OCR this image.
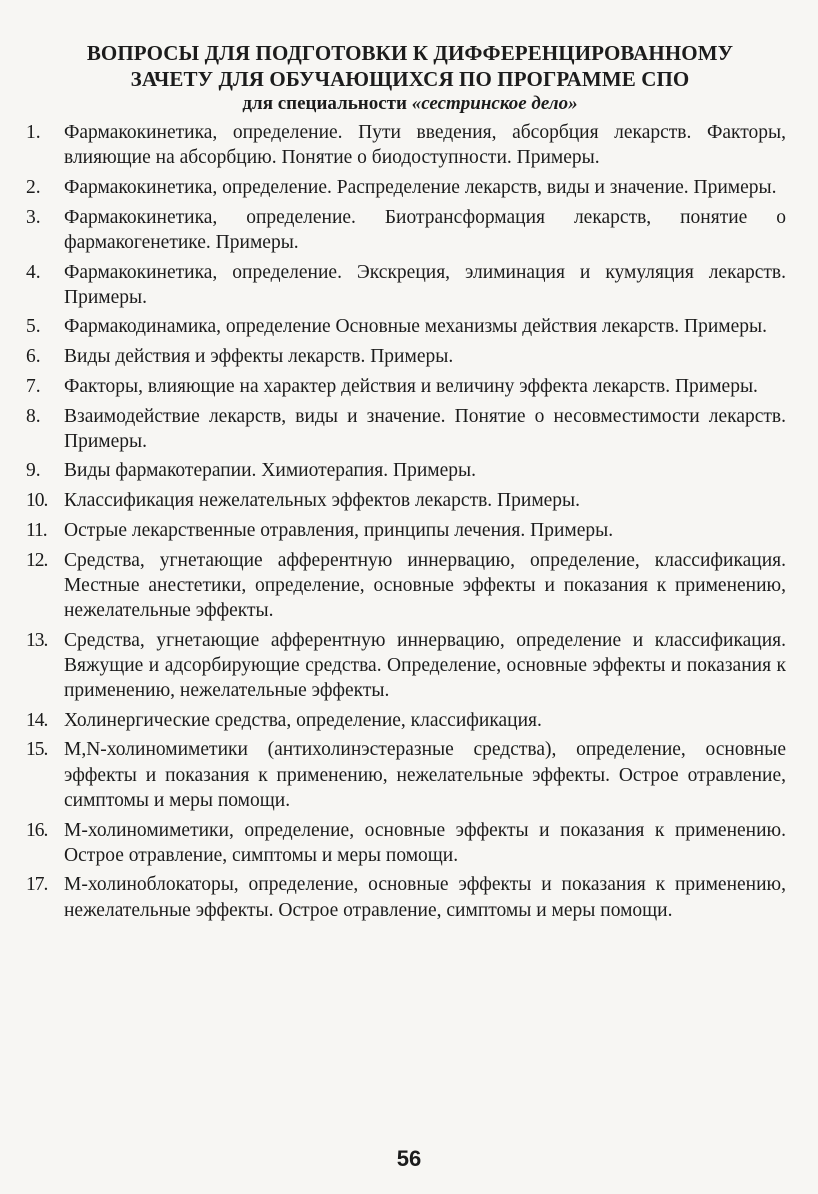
ВОПРОСЫ ДЛЯ ПОДГОТОВКИ К ДИФФЕРЕНЦИРОВАННОМУ
ЗАЧЕТУ ДЛЯ ОБУЧАЮЩИХСЯ ПО ПРОГРАММЕ СПО
для специальности «сестринское дело»
1.	Фармакокинетика, определение. Пути введения, абсорбция лекарств. Факторы, влияющие на абсорбцию. Понятие о биодоступности. Примеры.
2.	Фармакокинетика, определение. Распределение лекарств, виды и значение. Примеры.
3.	Фармакокинетика, определение. Биотрансформация лекарств, понятие о фармакогенетике. Примеры.
4.	Фармакокинетика, определение. Экскреция, элиминация и кумуляция лекарств. Примеры.
5.	Фармакодинамика, определение Основные механизмы действия лекарств. Примеры.
6.	Виды действия и эффекты лекарств. Примеры.
7.	Факторы, влияющие на характер действия и величину эффекта лекарств. Примеры.
8.	Взаимодействие лекарств, виды и значение. Понятие о несовместимости лекарств. Примеры.
9.	Виды фармакотерапии. Химиотерапия. Примеры.
10. Классификация нежелательных эффектов лекарств. Примеры.
11. Острые лекарственные отравления, принципы лечения. Примеры.
12. Средства, угнетающие афферентную иннервацию, определение, классификация. Местные анестетики, определение, основные эффекты и показания к применению, нежелательные эффекты.
13. Средства, угнетающие афферентную иннервацию, определение и классификация. Вяжущие и адсорбирующие средства. Определение, основные эффекты и показания к применению, нежелательные эффекты.
14. Холинергические средства, определение, классификация.
15. М,N-холиномиметики (антихолинэстеразные средства), определение, основные эффекты и показания к применению, нежелательные эффекты. Острое отравление, симптомы и меры помощи.
16. М-холиномиметики, определение, основные эффекты и показания к применению. Острое отравление, симптомы и меры помощи.
17. М-холиноблокаторы, определение, основные эффекты и показания к применению, нежелательные эффекты. Острое отравление, симптомы и меры помощи.
56
